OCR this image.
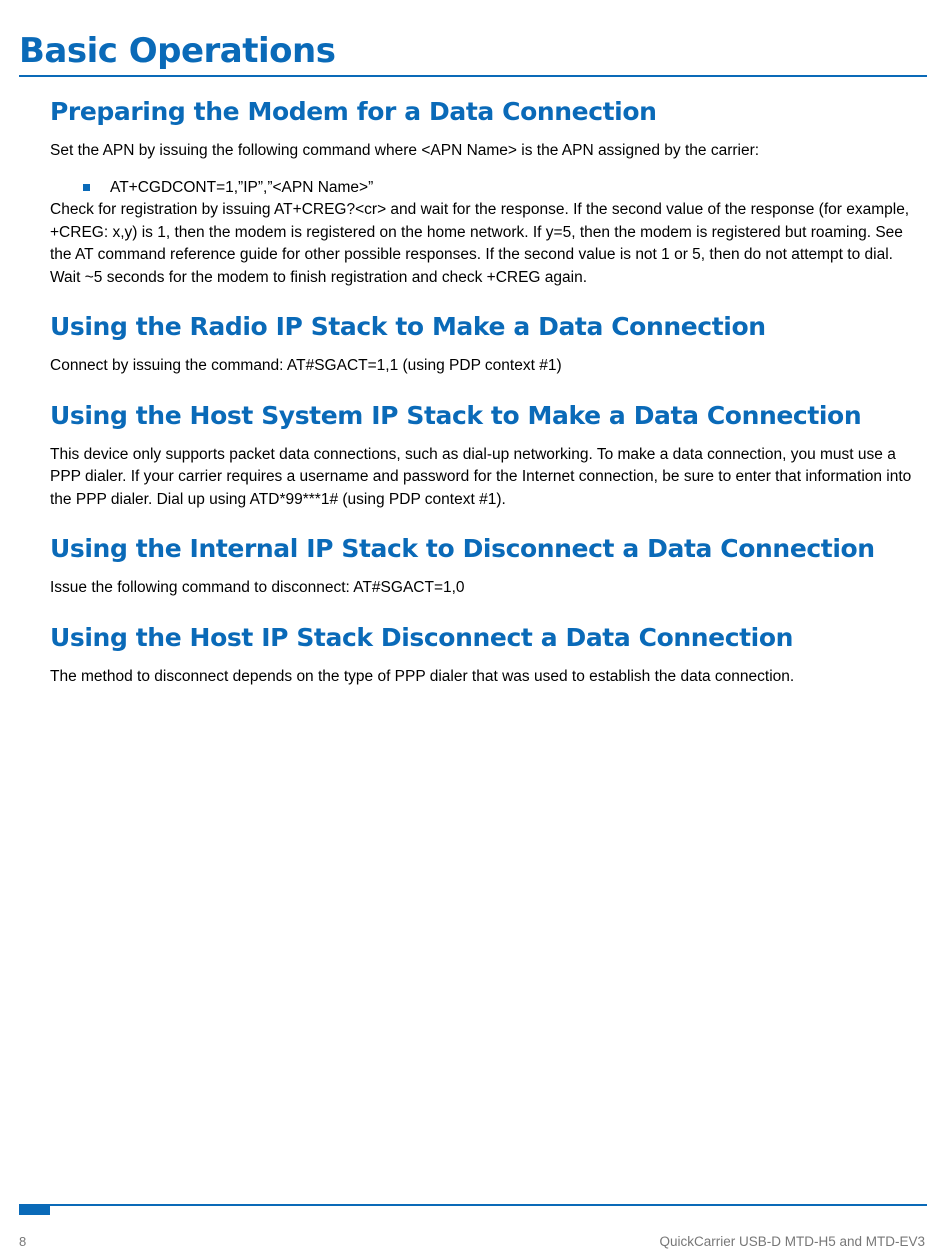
Basic Operations
Preparing the Modem for a Data Connection

Set the APN by issuing the following command where <APN Name> is the APN assigned by the carrier:

AT+CGDCONT=1,”IP”,”<APN Name>”

Check for registration by issuing AT+CREG?<cr> and wait for the response. If the second value of the response (for example, +CREG: x,y) is 1, then the modem is registered on the home network. If y=5, then the modem is registered but roaming. See the AT command reference guide for other possible responses. If the second value is not 1 or 5, then do not attempt to dial. Wait ~5 seconds for the modem to finish registration and check +CREG again.

Using the Radio IP Stack to Make a Data Connection

Connect by issuing the command: AT#SGACT=1,1 (using PDP context #1)

Using the Host System IP Stack to Make a Data Connection

This device only supports packet data connections, such as dial-up networking. To make a data connection, you must use a PPP dialer. If your carrier requires a username and password for the Internet connection, be sure to enter that information into the PPP dialer. Dial up using ATD*99***1# (using PDP context #1).

Using the Internal IP Stack to Disconnect a Data Connection

Issue the following command to disconnect: AT#SGACT=1,0

Using the Host IP Stack Disconnect a Data Connection

The method to disconnect depends on the type of PPP dialer that was used to establish the data connection.

8	QuickCarrier USB-D MTD-H5 and MTD-EV3
